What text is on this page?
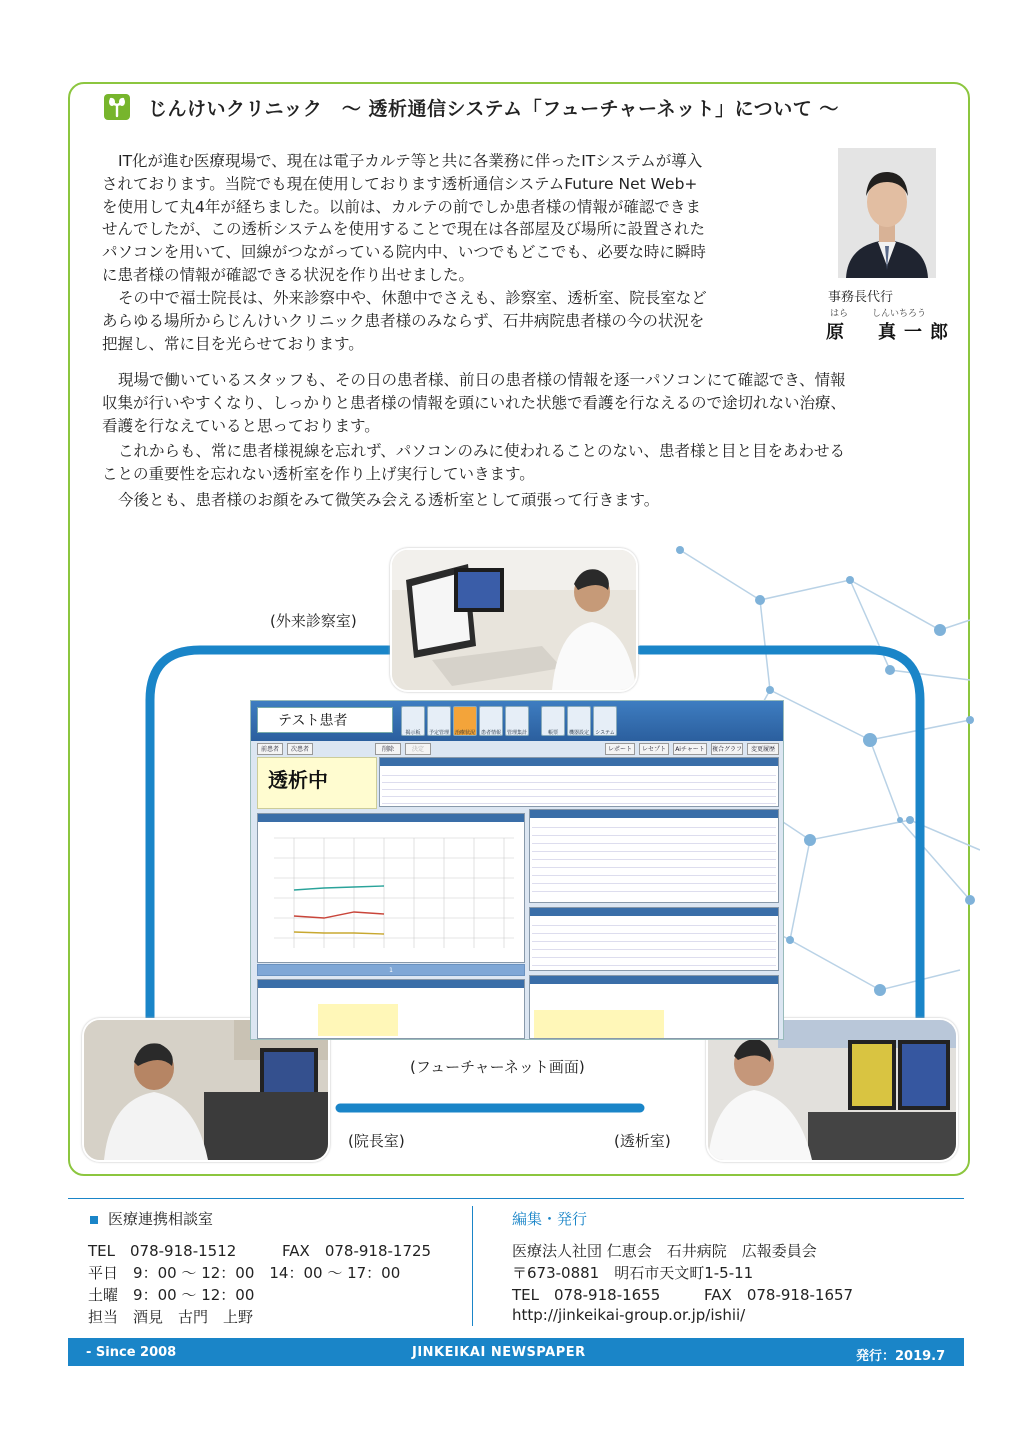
じんけいクリニック　～ 透析通信システム「フューチャーネット」について ～

IT化が進む医療現場で、現在は電子カルテ等と共に各業務に伴ったITシステムが導入
されております。当院でも現在使用しております透析通信システムFuture Net Web+
を使用して丸4年が経ちました。以前は、カルテの前でしか患者様の情報が確認できま
せんでしたが、この透析システムを使用することで現在は各部屋及び場所に設置された
パソコンを用いて、回線がつながっている院内中、いつでもどこでも、必要な時に瞬時
に患者様の情報が確認できる状況を作り出せました。

その中で福士院長は、外来診察中や、休憩中でさえも、診察室、透析室、院長室など
あらゆる場所からじんけいクリニック患者様のみならず、石井病院患者様の今の状況を
把握し、常に目を光らせております。

現場で働いているスタッフも、その日の患者様、前日の患者様の情報を逐一パソコンにて確認でき、情報
収集が行いやすくなり、しっかりと患者様の情報を頭にいれた状態で看護を行なえるので途切れない治療、
看護を行なえていると思っております。

これからも、常に患者様視線を忘れず、パソコンのみに使われることのない、患者様と目と目をあわせる
ことの重要性を忘れない透析室を作り上げ実行していきます。

今後とも、患者様のお顔をみて微笑み会える透析室として頑張って行きます。

事務長代行
はら	しんいちろう
原　真一郎
(外来診察室)
(院長室)	(透析室)
(フューチャーネット画面)
テスト患者
掲示板	予定管理	治療状況	患者情報	管理集計	帳票	機器設定	システム
前患者	次患者	削除	決定	レポート	レセプト	Aiチャート	複合グラフ	変更履歴
透析中
1
医療連携相談室
TEL　 078-918-1512	FAX　 078-918-1725
平日　 9：00 ～ 12：00　14：00 ～ 17：00
土曜　 9：00 ～ 12：00
担当　 酒見　古門　上野
編集・発行
医療法人社団 仁恵会　石井病院　広報委員会
〒673-0881　明石市天文町1-5-11
TEL　 078-918-1655	FAX　 078-918-1657
http://jinkeikai-group.or.jp/ishii/
- Since 2008	JINKEIKAI NEWSPAPER	発行：2019.7
